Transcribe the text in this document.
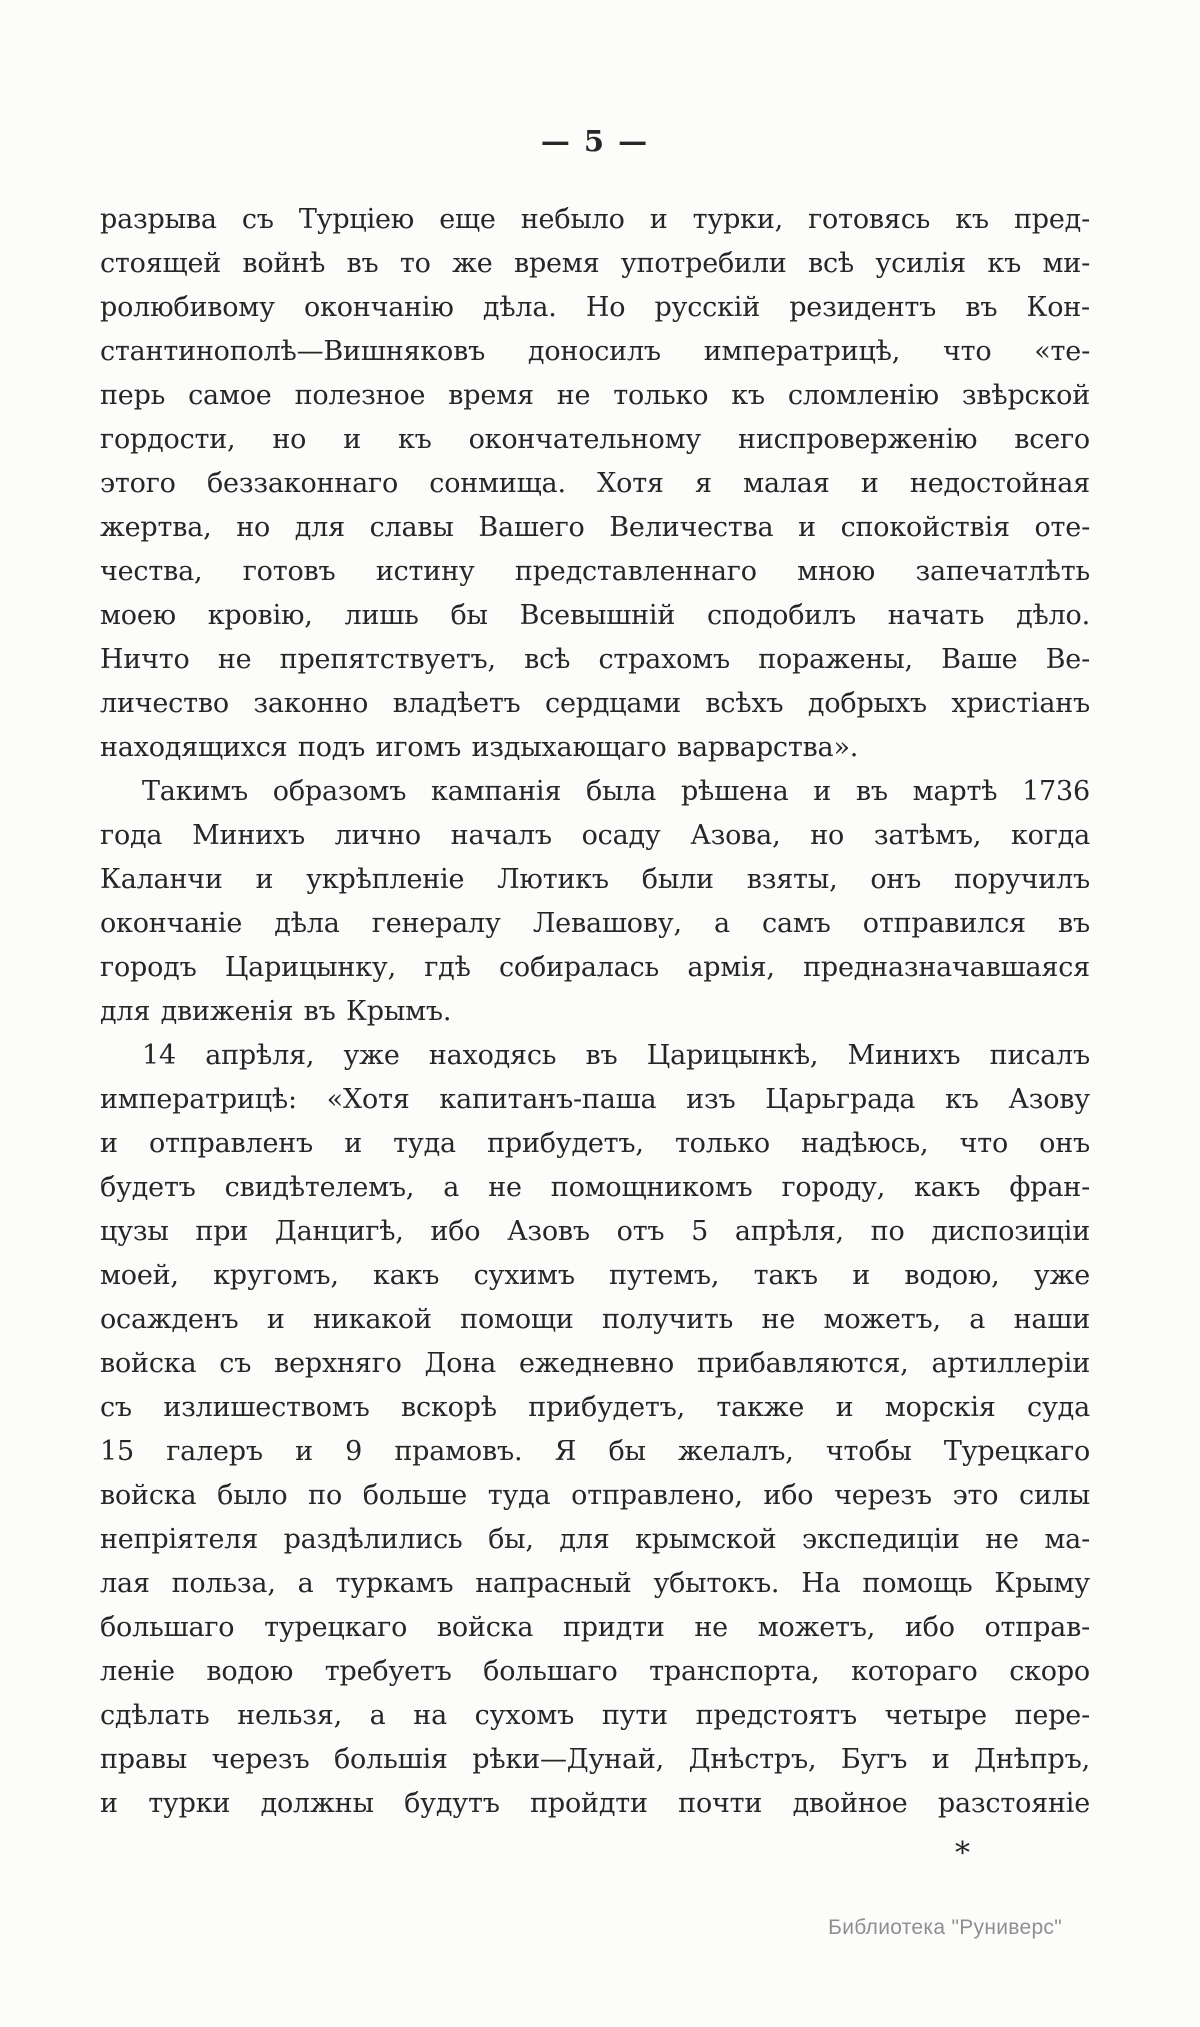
— 5 —
разрыва съ Турціею еще небыло и турки, готовясь къ пред-
стоящей войнѣ въ то же время употребили всѣ усилія къ ми-
ролюбивому окончанію дѣла. Но русскій резидентъ въ Кон-
стантинополѣ—Вишняковъ доносилъ императрицѣ, что «те-
перь самое полезное время не только къ сломленію звѣрской
гордости, но и къ окончательному ниспроверженію всего
этого беззаконнаго сонмища. Хотя я малая и недостойная
жертва, но для славы Вашего Величества и спокойствія оте-
чества, готовъ истину представленнаго мною запечатлѣть
моею кровію, лишь бы Всевышній сподобилъ начать дѣло.
Ничто не препятствуетъ, всѣ страхомъ поражены, Ваше Ве-
личество законно владѣетъ сердцами всѣхъ добрыхъ христіанъ
находящихся подъ игомъ издыхающаго варварства».
Такимъ образомъ кампанія была рѣшена и въ мартѣ 1736
года Минихъ лично началъ осаду Азова, но затѣмъ, когда
Каланчи и укрѣпленіе Лютикъ были взяты, онъ поручилъ
окончаніе дѣла генералу Левашову, а самъ отправился въ
городъ Царицынку, гдѣ собиралась армія, предназначавшаяся
для движенія въ Крымъ.
14 апрѣля, уже находясь въ Царицынкѣ, Минихъ писалъ
императрицѣ: «Хотя капитанъ-паша изъ Царьграда къ Азову
и отправленъ и туда прибудетъ, только надѣюсь, что онъ
будетъ свидѣтелемъ, а не помощникомъ городу, какъ фран-
цузы при Данцигѣ, ибо Азовъ отъ 5 апрѣля, по диспозиціи
моей, кругомъ, какъ сухимъ путемъ, такъ и водою, уже
осажденъ и никакой помощи получить не можетъ, а наши
войска съ верхняго Дона ежедневно прибавляются, артиллеріи
съ излишествомъ вскорѣ прибудетъ, также и морскія суда
15 галеръ и 9 прамовъ. Я бы желалъ, чтобы Турецкаго
войска было по больше туда отправлено, ибо черезъ это силы
непріятеля раздѣлились бы, для крымской экспедиціи не ма-
лая польза, а туркамъ напрасный убытокъ. На помощь Крыму
большаго турецкаго войска придти не можетъ, ибо отправ-
леніе водою требуетъ большаго транспорта, котораго скоро
сдѣлать нельзя, а на сухомъ пути предстоятъ четыре пере-
правы черезъ большія рѣки—Дунай, Днѣстръ, Бугъ и Днѣпръ,
и турки должны будутъ пройдти почти двойное разстояніе
*
Библиотека "Руниверс"
